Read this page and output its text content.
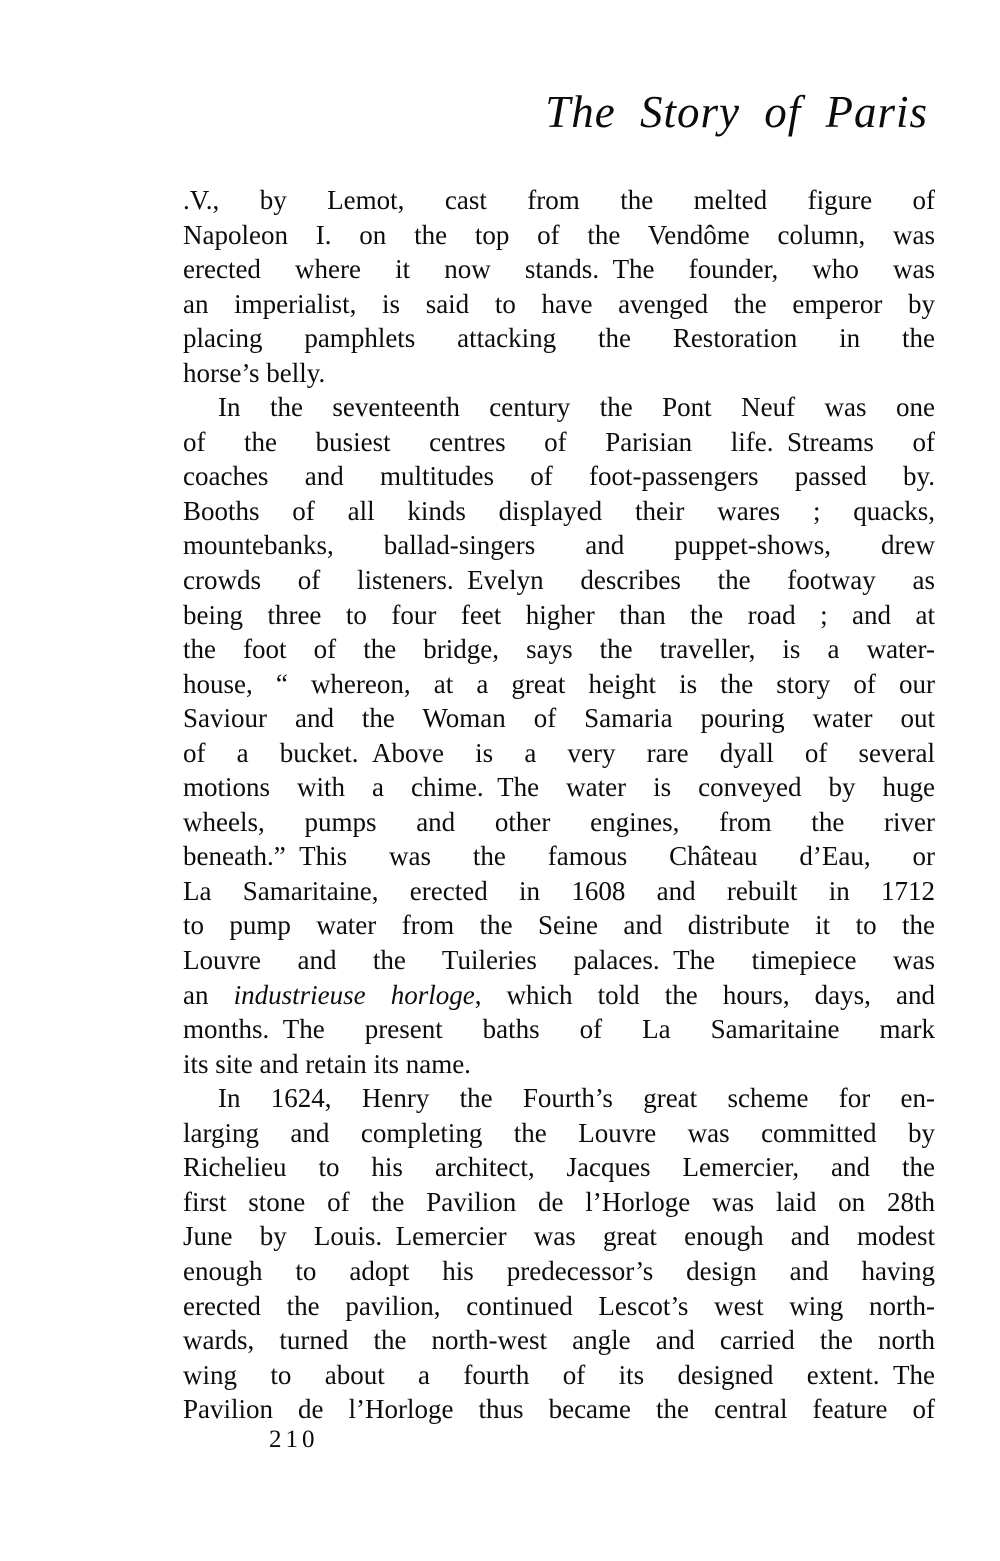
The Story of Paris
.V., by Lemot, cast from the melted figure of
Napoleon I. on the top of the Vendôme column, was
erected where it now stands. The founder, who was
an imperialist, is said to have avenged the emperor by
placing pamphlets attacking the Restoration in the
horse’s belly.
In the seventeenth century the Pont Neuf was one
of the busiest centres of Parisian life. Streams of
coaches and multitudes of foot-passengers passed by.
Booths of all kinds displayed their wares ; quacks,
mountebanks, ballad-singers and puppet-shows, drew
crowds of listeners. Evelyn describes the footway as
being three to four feet higher than the road ; and at
the foot of the bridge, says the traveller, is a water-
house, “ whereon, at a great height is the story of our
Saviour and the Woman of Samaria pouring water out
of a bucket. Above is a very rare dyall of several
motions with a chime. The water is conveyed by huge
wheels, pumps and other engines, from the river
beneath.” This was the famous Château d’Eau, or
La Samaritaine, erected in 1608 and rebuilt in 1712
to pump water from the Seine and distribute it to the
Louvre and the Tuileries palaces. The timepiece was
an industrieuse horloge, which told the hours, days, and
months. The present baths of La Samaritaine mark
its site and retain its name.
In 1624, Henry the Fourth’s great scheme for en-
larging and completing the Louvre was committed by
Richelieu to his architect, Jacques Lemercier, and the
first stone of the Pavilion de l’Horloge was laid on 28th
June by Louis. Lemercier was great enough and modest
enough to adopt his predecessor’s design and having
erected the pavilion, continued Lescot’s west wing north-
wards, turned the north-west angle and carried the north
wing to about a fourth of its designed extent. The
Pavilion de l’Horloge thus became the central feature of
210
